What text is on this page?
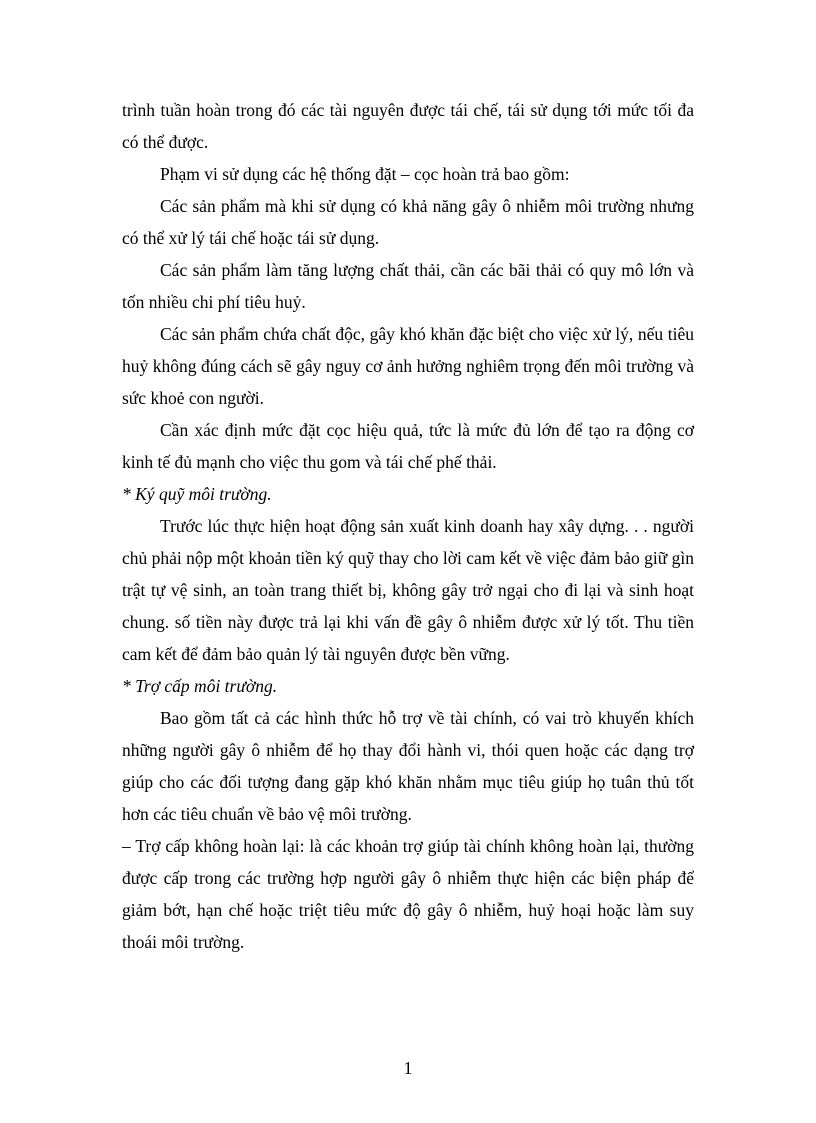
trình tuần hoàn trong đó các tài nguyên được tái chế, tái sử dụng tới mức tối đa có thể được.

Phạm vi sử dụng các hệ thống đặt – cọc hoàn trả bao gồm:

Các sản phẩm mà khi sử dụng có khả năng gây ô nhiễm môi trường nhưng có thể xử lý tái chế hoặc tái sử dụng.

Các sản phẩm làm tăng lượng chất thải, cần các bãi thải có quy mô lớn và tốn nhiều chi phí tiêu huỷ.

Các sản phẩm chứa chất độc, gây khó khăn đặc biệt cho việc xử lý, nếu tiêu huỷ không đúng cách sẽ gây nguy cơ ảnh hưởng nghiêm trọng đến môi trường và sức khoẻ con người.

Cần xác định mức đặt cọc hiệu quả, tức là mức đủ lớn để tạo ra động cơ kinh tế đủ mạnh cho việc thu gom và tái chế phế thải.

* Ký quỹ môi trường.

Trước lúc thực hiện hoạt động sản xuất kinh doanh hay xây dựng. . . người chủ phải nộp một khoản tiền ký quỹ thay cho lời cam kết về việc đảm bảo giữ gìn trật tự vệ sinh, an toàn trang thiết bị, không gây trở ngại cho đi lại và sinh hoạt chung. số tiền này được trả lại khi vấn đề gây ô nhiễm được xử lý tốt. Thu tiền cam kết để đảm bảo quản lý tài nguyên được bền vững.

* Trợ cấp môi trường.

Bao gồm tất cả các hình thức hỗ trợ về tài chính, có vai trò khuyến khích những người gây ô nhiễm để họ thay đổi hành vi, thói quen hoặc các dạng trợ giúp cho các đối tượng đang gặp khó khăn nhằm mục tiêu giúp họ tuân thủ tốt hơn các tiêu chuẩn về bảo vệ môi trường.

– Trợ cấp không hoàn lại: là các khoản trợ giúp tài chính không hoàn lại, thường được cấp trong các trường hợp người gây ô nhiễm thực hiện các biện pháp để giảm bớt, hạn chế hoặc triệt tiêu mức độ gây ô nhiễm, huỷ hoại hoặc làm suy thoái môi trường.

1
